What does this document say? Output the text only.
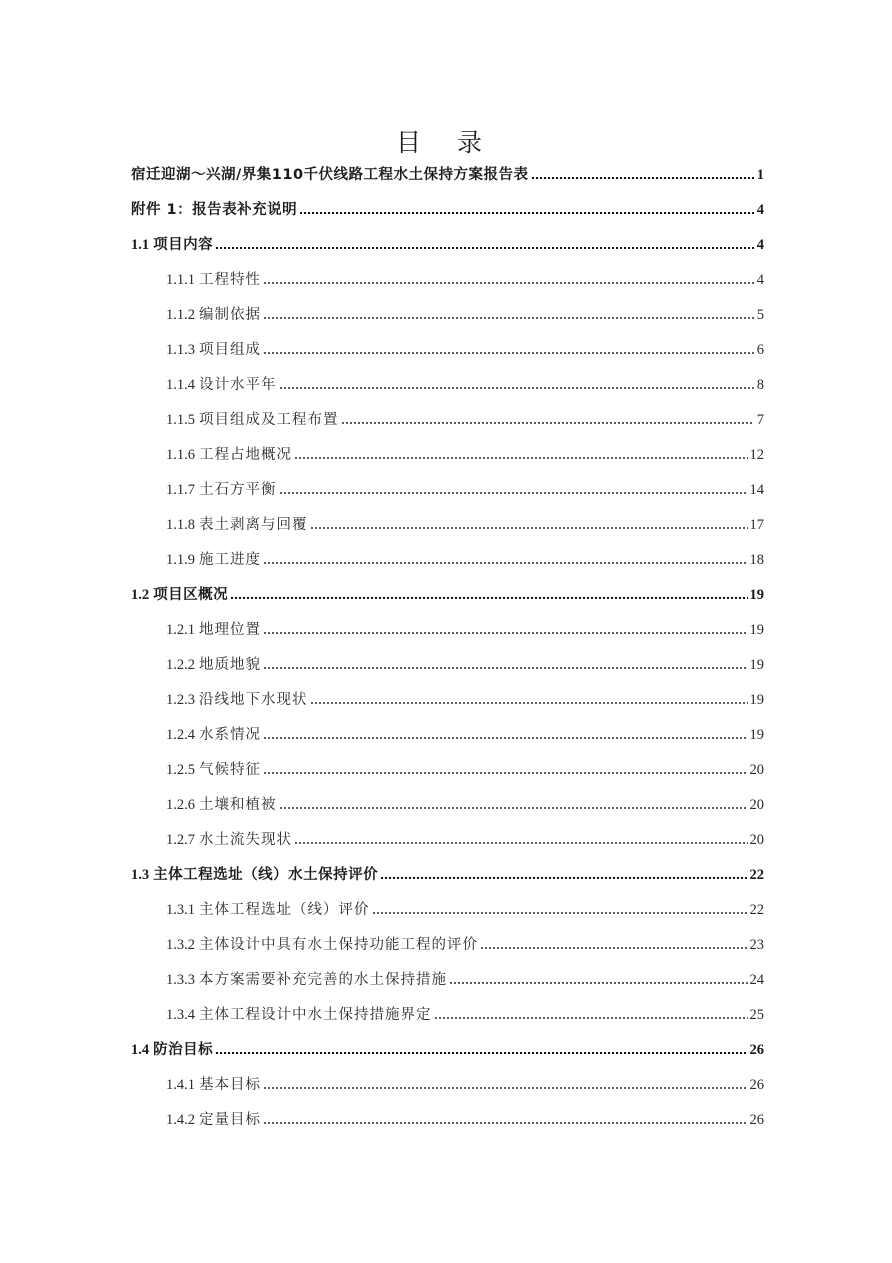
目 录
宿迁迎湖～兴湖/界集110千伏线路工程水土保持方案报告表	1
附件 1：报告表补充说明	4
1.1 项目内容	4
1.1.1 工程特性	4
1.1.2 编制依据	5
1.1.3 项目组成	6
1.1.4 设计水平年	8
1.1.5 项目组成及工程布置	7
1.1.6 工程占地概况	12
1.1.7 土石方平衡	14
1.1.8 表土剥离与回覆	17
1.1.9 施工进度	18
1.2 项目区概况	19
1.2.1 地理位置	19
1.2.2 地质地貌	19
1.2.3 沿线地下水现状	19
1.2.4 水系情况	19
1.2.5 气候特征	20
1.2.6 土壤和植被	20
1.2.7 水土流失现状	20
1.3 主体工程选址（线）水土保持评价	22
1.3.1 主体工程选址（线）评价	22
1.3.2 主体设计中具有水土保持功能工程的评价	23
1.3.3 本方案需要补充完善的水土保持措施	24
1.3.4 主体工程设计中水土保持措施界定	25
1.4 防治目标	26
1.4.1 基本目标	26
1.4.2 定量目标	26
